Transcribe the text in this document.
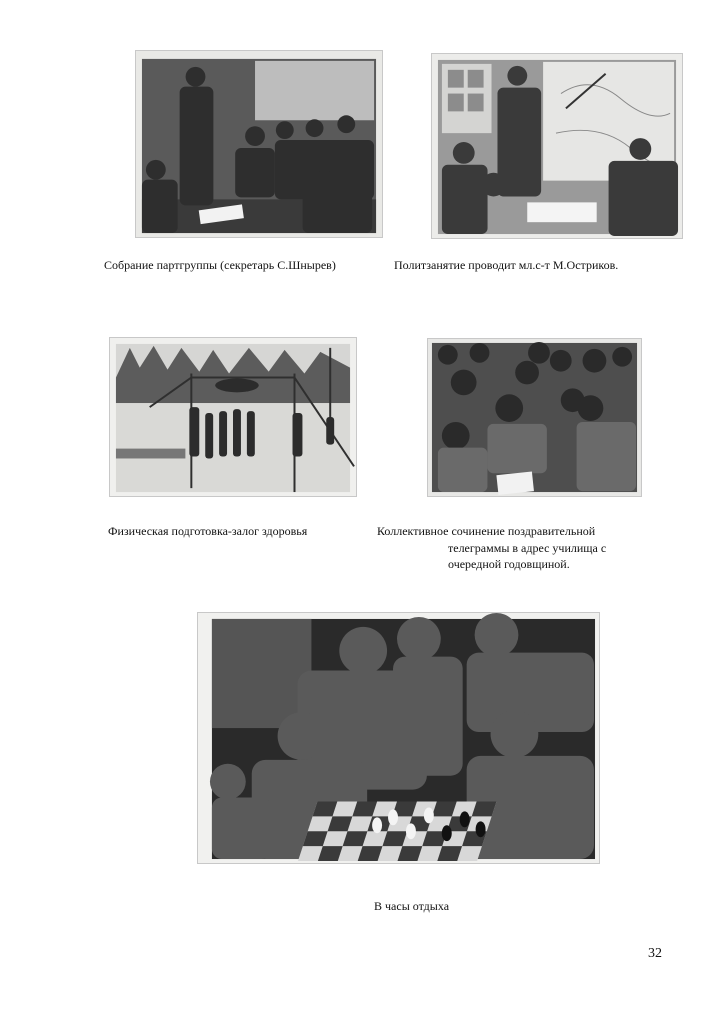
Собрание партгруппы (секретарь С.Шнырев)	Политзанятие проводит мл.с-т М.Остриков.
Физическая подготовка-залог здоровья	Коллективное сочинение поздравительной
телеграммы в адрес училища с
очередной годовщиной.
В часы отдыха
32
